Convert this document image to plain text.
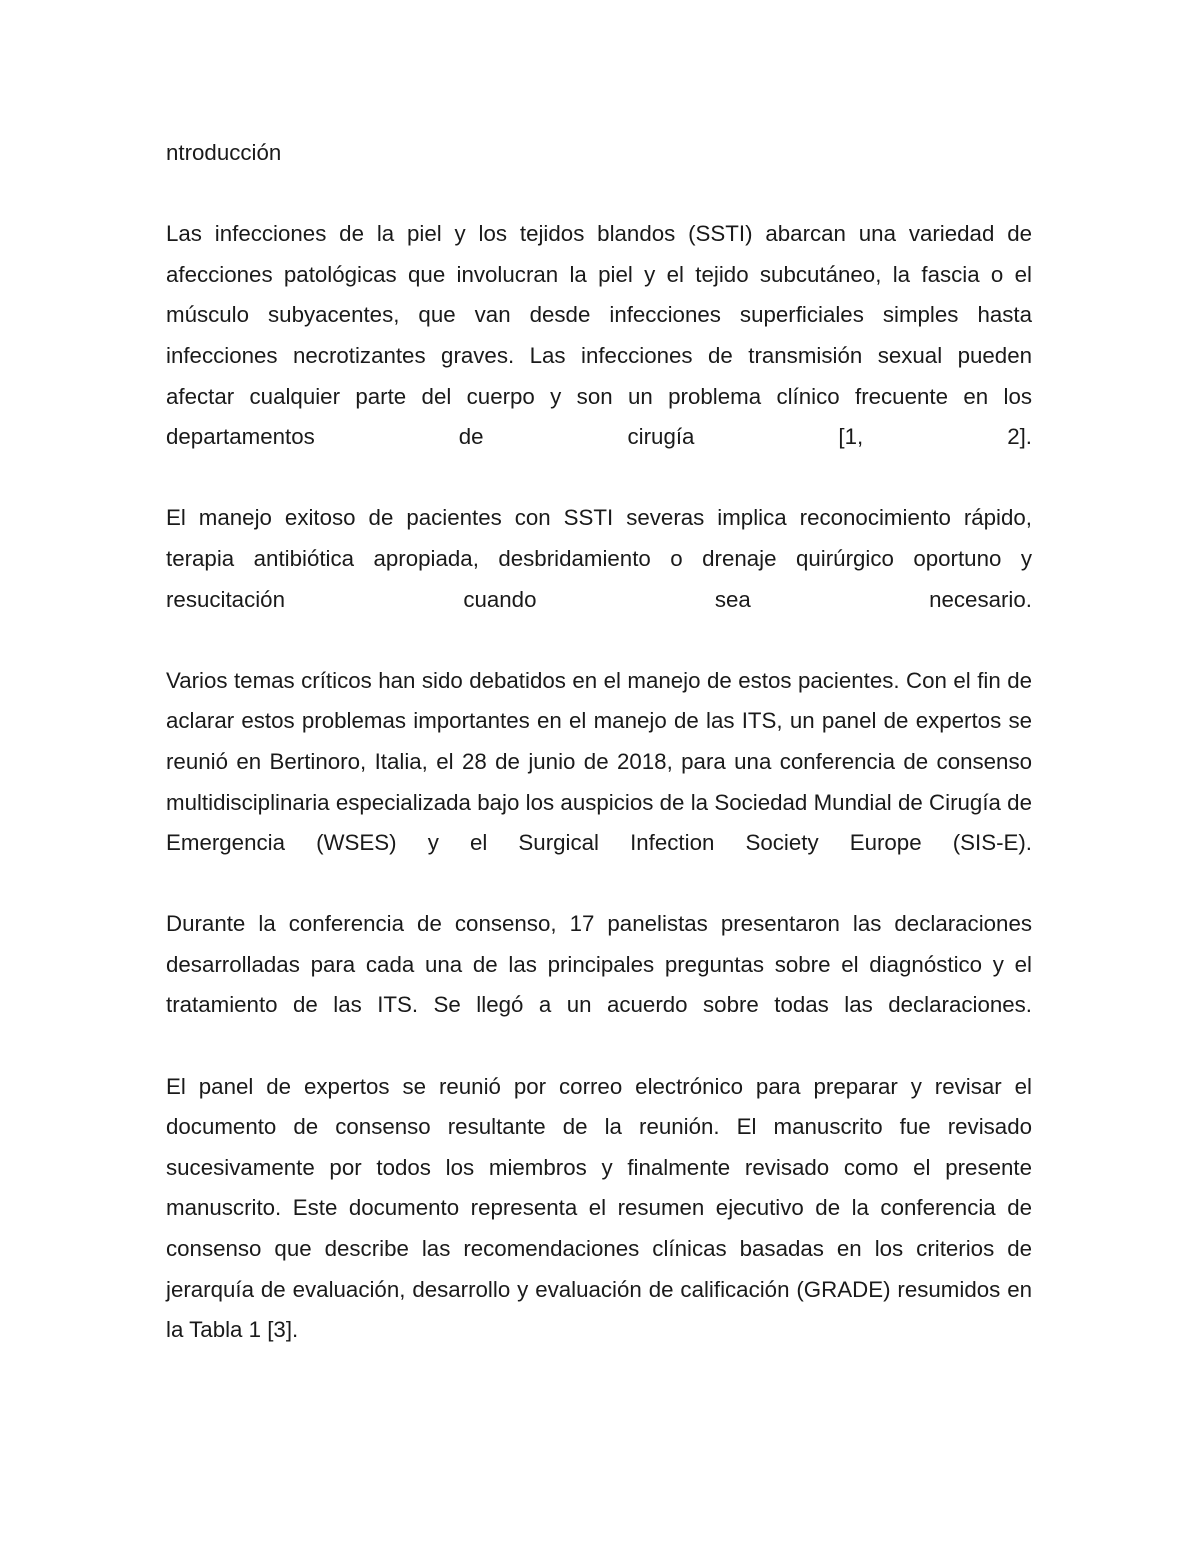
ntroducción

Las infecciones de la piel y los tejidos blandos (SSTI) abarcan una variedad de afecciones patológicas que involucran la piel y el tejido subcutáneo, la fascia o el músculo subyacentes, que van desde infecciones superficiales simples hasta infecciones necrotizantes graves. Las infecciones de transmisión sexual pueden afectar cualquier parte del cuerpo y son un problema clínico frecuente en los departamentos de cirugía [1, 2].

El manejo exitoso de pacientes con SSTI severas implica reconocimiento rápido, terapia antibiótica apropiada, desbridamiento o drenaje quirúrgico oportuno y resucitación cuando sea necesario.

Varios temas críticos han sido debatidos en el manejo de estos pacientes. Con el fin de aclarar estos problemas importantes en el manejo de las ITS, un panel de expertos se reunió en Bertinoro, Italia, el 28 de junio de 2018, para una conferencia de consenso multidisciplinaria especializada bajo los auspicios de la Sociedad Mundial de Cirugía de Emergencia (WSES) y el Surgical Infection Society Europe (SIS-E).

Durante la conferencia de consenso, 17 panelistas presentaron las declaraciones desarrolladas para cada una de las principales preguntas sobre el diagnóstico y el tratamiento de las ITS. Se llegó a un acuerdo sobre todas las declaraciones.

El panel de expertos se reunió por correo electrónico para preparar y revisar el documento de consenso resultante de la reunión. El manuscrito fue revisado sucesivamente por todos los miembros y finalmente revisado como el presente manuscrito. Este documento representa el resumen ejecutivo de la conferencia de consenso que describe las recomendaciones clínicas basadas en los criterios de jerarquía de evaluación, desarrollo y evaluación de calificación (GRADE) resumidos en la Tabla 1 [3].
